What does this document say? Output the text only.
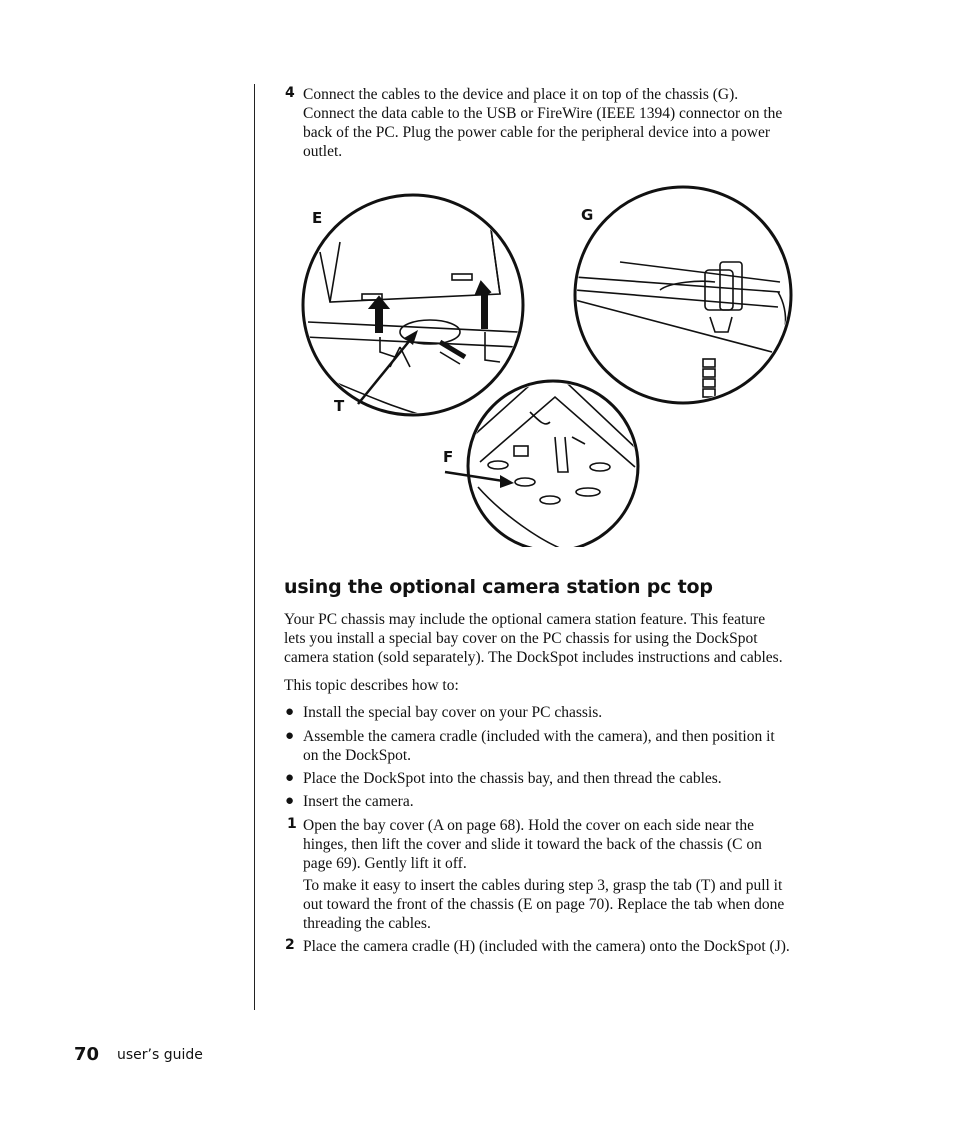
4 Connect the cables to the device and place it on top of the chassis (G).
Connect the data cable to the USB or FireWire (IEEE 1394) connector on the
back of the PC. Plug the power cable for the peripheral device into a power
outlet.
E	G
T
F
using the optional camera station pc top
Your PC chassis may include the optional camera station feature. This feature
lets you install a special bay cover on the PC chassis for using the DockSpot
camera station (sold separately). The DockSpot includes instructions and cables.
This topic describes how to:
● Install the special bay cover on your PC chassis.
● Assemble the camera cradle (included with the camera), and then position it
on the DockSpot.
● Place the DockSpot into the chassis bay, and then thread the cables.
● Insert the camera.
1 Open the bay cover (A on page 68). Hold the cover on each side near the
hinges, then lift the cover and slide it toward the back of the chassis (C on
page 69). Gently lift it off.
To make it easy to insert the cables during step 3, grasp the tab (T) and pull it
out toward the front of the chassis (E on page 70). Replace the tab when done
threading the cables.
2 Place the camera cradle (H) (included with the camera) onto the DockSpot (J).
70 user’s guide
